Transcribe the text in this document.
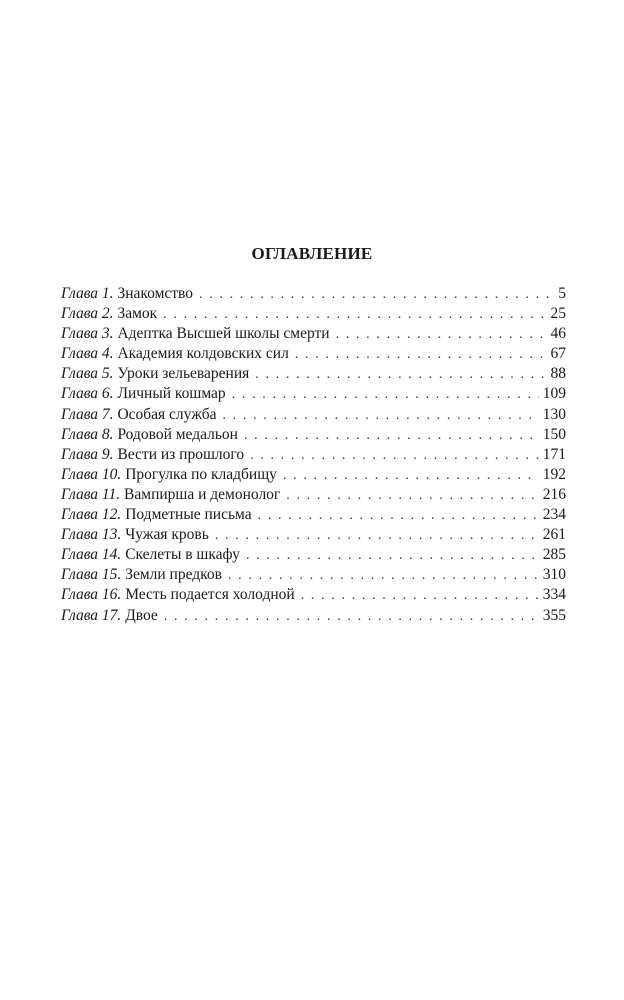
ОГЛАВЛЕНИЕ
Глава 1. Знакомство . . .	5
Глава 2. Замок . . .	25
Глава 3. Адептка Высшей школы смерти . . .	46
Глава 4. Академия колдовских сил . . .	67
Глава 5. Уроки зельеварения . . .	88
Глава 6. Личный кошмар . . .	109
Глава 7. Особая служба . . .	130
Глава 8. Родовой медальон . . .	150
Глава 9. Вести из прошлого . . .	171
Глава 10. Прогулка по кладбищу . . .	192
Глава 11. Вампирша и демонолог . . .	216
Глава 12. Подметные письма . . .	234
Глава 13. Чужая кровь . . .	261
Глава 14. Скелеты в шкафу . . .	285
Глава 15. Земли предков . . .	310
Глава 16. Месть подается холодной . . .	334
Глава 17. Двое . . .	355
